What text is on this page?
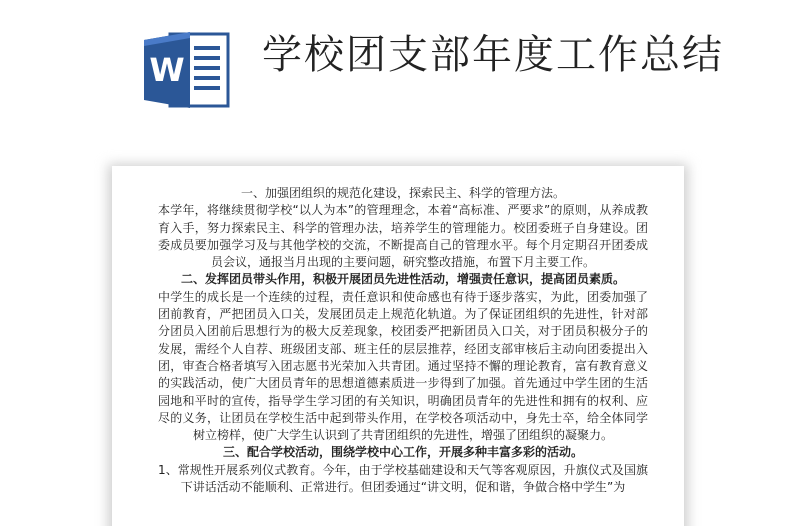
W 学校团支部年度工作总结

一、加强团组织的规范化建设，探索民主、科学的管理方法。

本学年，将继续贯彻学校“以人为本”的管理理念，本着“高标准、严要求”的原则，从养成教育入手，努力探索民主、科学的管理办法，培养学生的管理能力。校团委班子自身建设。团委成员要加强学习及与其他学校的交流，不断提高自己的管理水平。每个月定期召开团委成员会议，通报当月出现的主要问题，研究整改措施，布置下月主要工作。

二、发挥团员带头作用，积极开展团员先进性活动，增强责任意识，提高团员素质。

中学生的成长是一个连续的过程，责任意识和使命感也有待于逐步落实，为此，团委加强了团前教育，严把团员入口关，发展团员走上规范化轨道。为了保证团组织的先进性，针对部分团员入团前后思想行为的极大反差现象，校团委严把新团员入口关，对于团员积极分子的发展，需经个人自荐、班级团支部、班主任的层层推荐，经团支部审核后主动向团委提出入团，审查合格者填写入团志愿书光荣加入共青团。通过坚持不懈的理论教育，富有教育意义的实践活动，使广大团员青年的思想道德素质进一步得到了加强。首先通过中学生团的生活园地和平时的宣传，指导学生学习团的有关知识，明确团员青年的先进性和拥有的权利、应尽的义务，让团员在学校生活中起到带头作用，在学校各项活动中，身先士卒，给全体同学树立榜样，使广大学生认识到了共青团组织的先进性，增强了团组织的凝聚力。

三、配合学校活动，围绕学校中心工作，开展多种丰富多彩的活动。

1、常规性开展系列仪式教育。今年，由于学校基础建设和天气等客观原因，升旗仪式及国旗下讲话活动不能顺利、正常进行。但团委通过“讲文明，促和谐，争做合格中学生”为
